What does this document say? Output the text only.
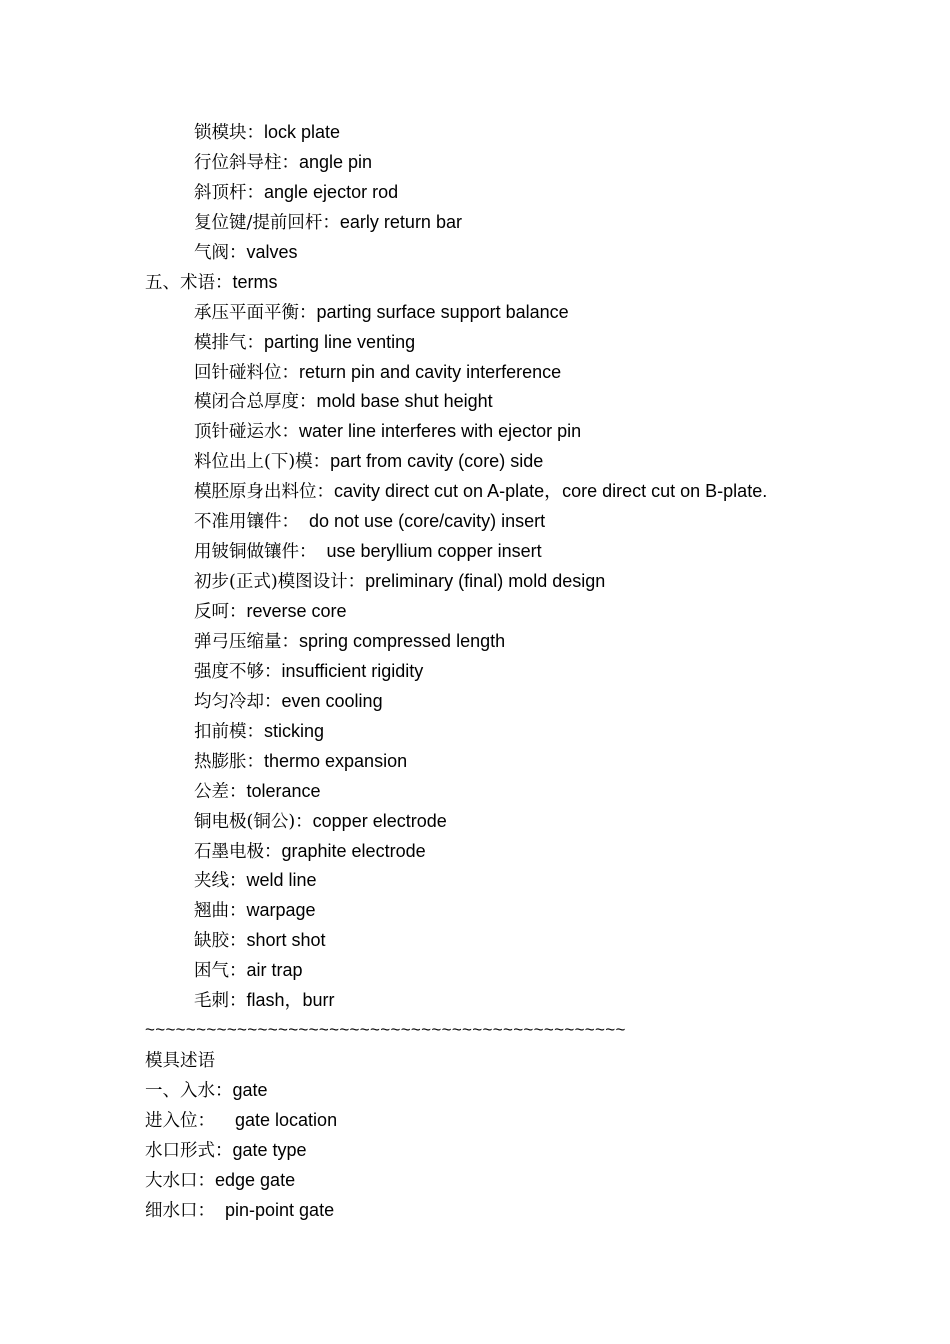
锁模块：lock plate
行位斜导柱：angle pin
斜顶杆：angle ejector rod
复位键/提前回杆：early return bar
气阀：valves
五、术语：terms
承压平面平衡：parting surface support balance
模排气：parting line venting
回针碰料位：return pin and cavity interference
模闭合总厚度：mold base shut height
顶针碰运水：water line interferes with ejector pin
料位出上(下)模：part from cavity (core) side
模胚原身出料位：cavity direct cut on A-plate，core direct cut on B-plate.
不准用镶件：  do not use (core/cavity) insert
用铍铜做镶件：  use beryllium copper insert
初步(正式)模图设计：preliminary (final) mold design
反呵：reverse core
弹弓压缩量：spring compressed length
强度不够：insufficient rigidity
均匀冷却：even cooling
扣前模：sticking
热膨胀：thermo expansion
公差：tolerance
铜电极(铜公)：copper electrode
石墨电极：graphite electrode
夹线：weld line
翘曲：warpage
缺胶：short shot
困气：air trap
毛刺：flash，burr
~~~~~~~~~~~~~~~~~~~~~~~~~~~~~~~~~~~~~~~~~~~~~~~
模具述语
一、入水：gate
进入位：    gate location
水口形式：gate type
大水口：edge gate
细水口：  pin-point gate
